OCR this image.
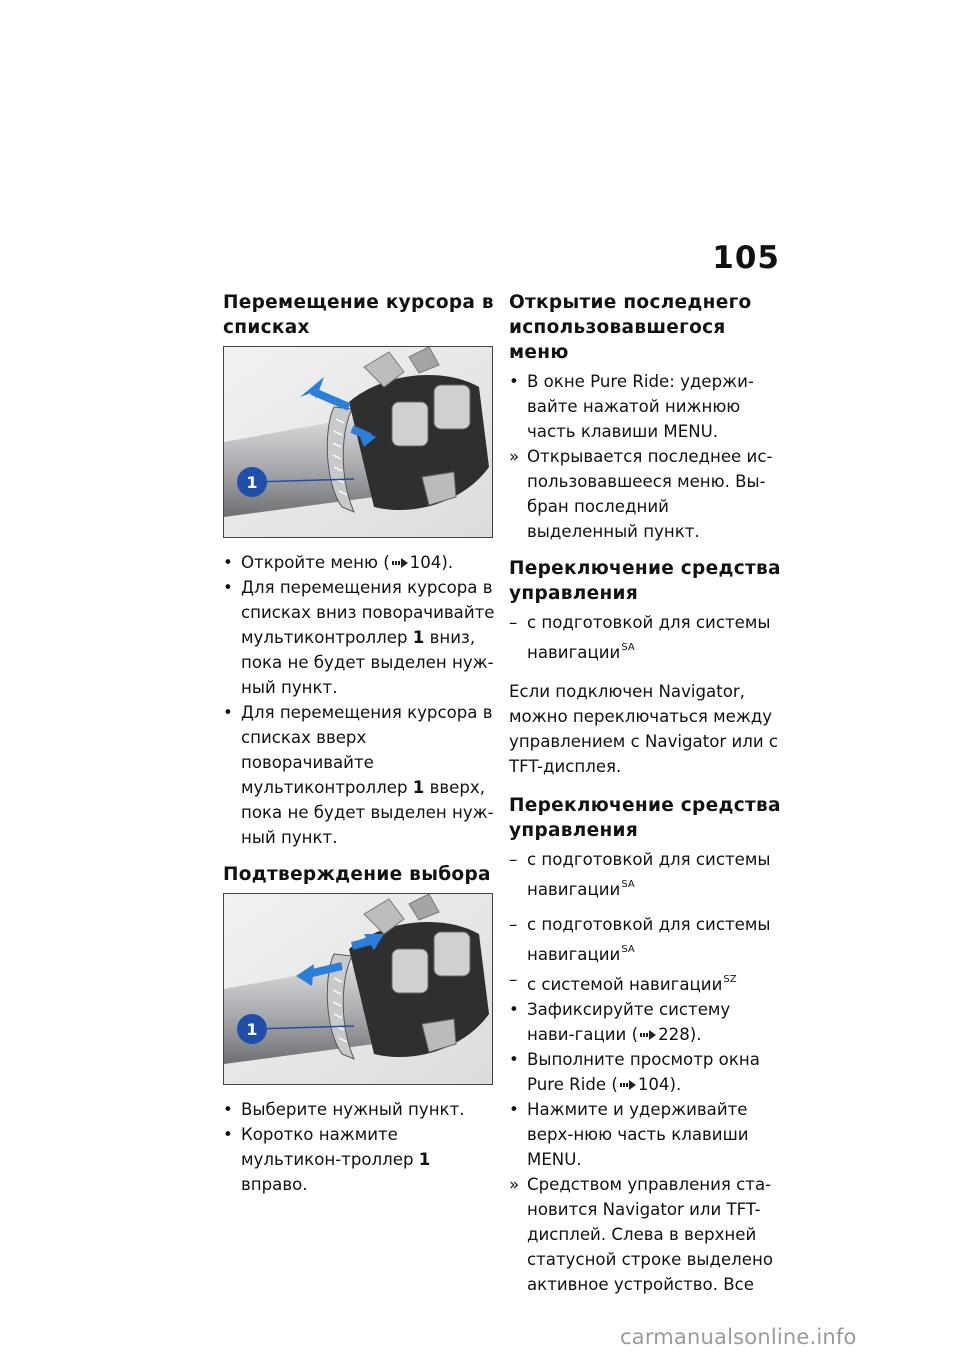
105
Перемещение курсора в списках
1

• Откройте меню ( 104).

• Для перемещения курсора в списках вниз поворачивайте мультиконтроллер 1 вниз, пока не будет выделен нуж-ный пункт.

• Для перемещения курсора в списках вверх поворачивайте мультиконтроллер 1 вверх, пока не будет выделен нуж-ный пункт.

Подтверждение выбора
1

• Выберите нужный пункт.

• Коротко нажмите мультикон-троллер 1 вправо.

Открытие последнего использовавшегося меню

• В окне Pure Ride: удержи-вайте нажатой нижнюю часть клавиши MENU.

» Открывается последнее ис-пользовавшееся меню. Вы-бран последний выделенный пункт.

Переключение средства управления

– с подготовкой для системы навигации$^{SA}$

Если подключен Navigator, можно переключаться между управлением с Navigator или с TFT-дисплея.

Переключение средства управления

– с подготовкой для системы навигации$^{SA}$

– с подготовкой для системы навигации$^{SA}$

– с системой навигации$^{SZ}$

• Зафиксируйте систему нави-гации ( 228).

• Выполните просмотр окна Pure Ride ( 104).

• Нажмите и удерживайте верх-нюю часть клавиши MENU.

» Средством управления ста-новится Navigator или TFT-дисплей. Слева в верхней статусной строке выделено активное устройство. Все

carmanualsonline.info
